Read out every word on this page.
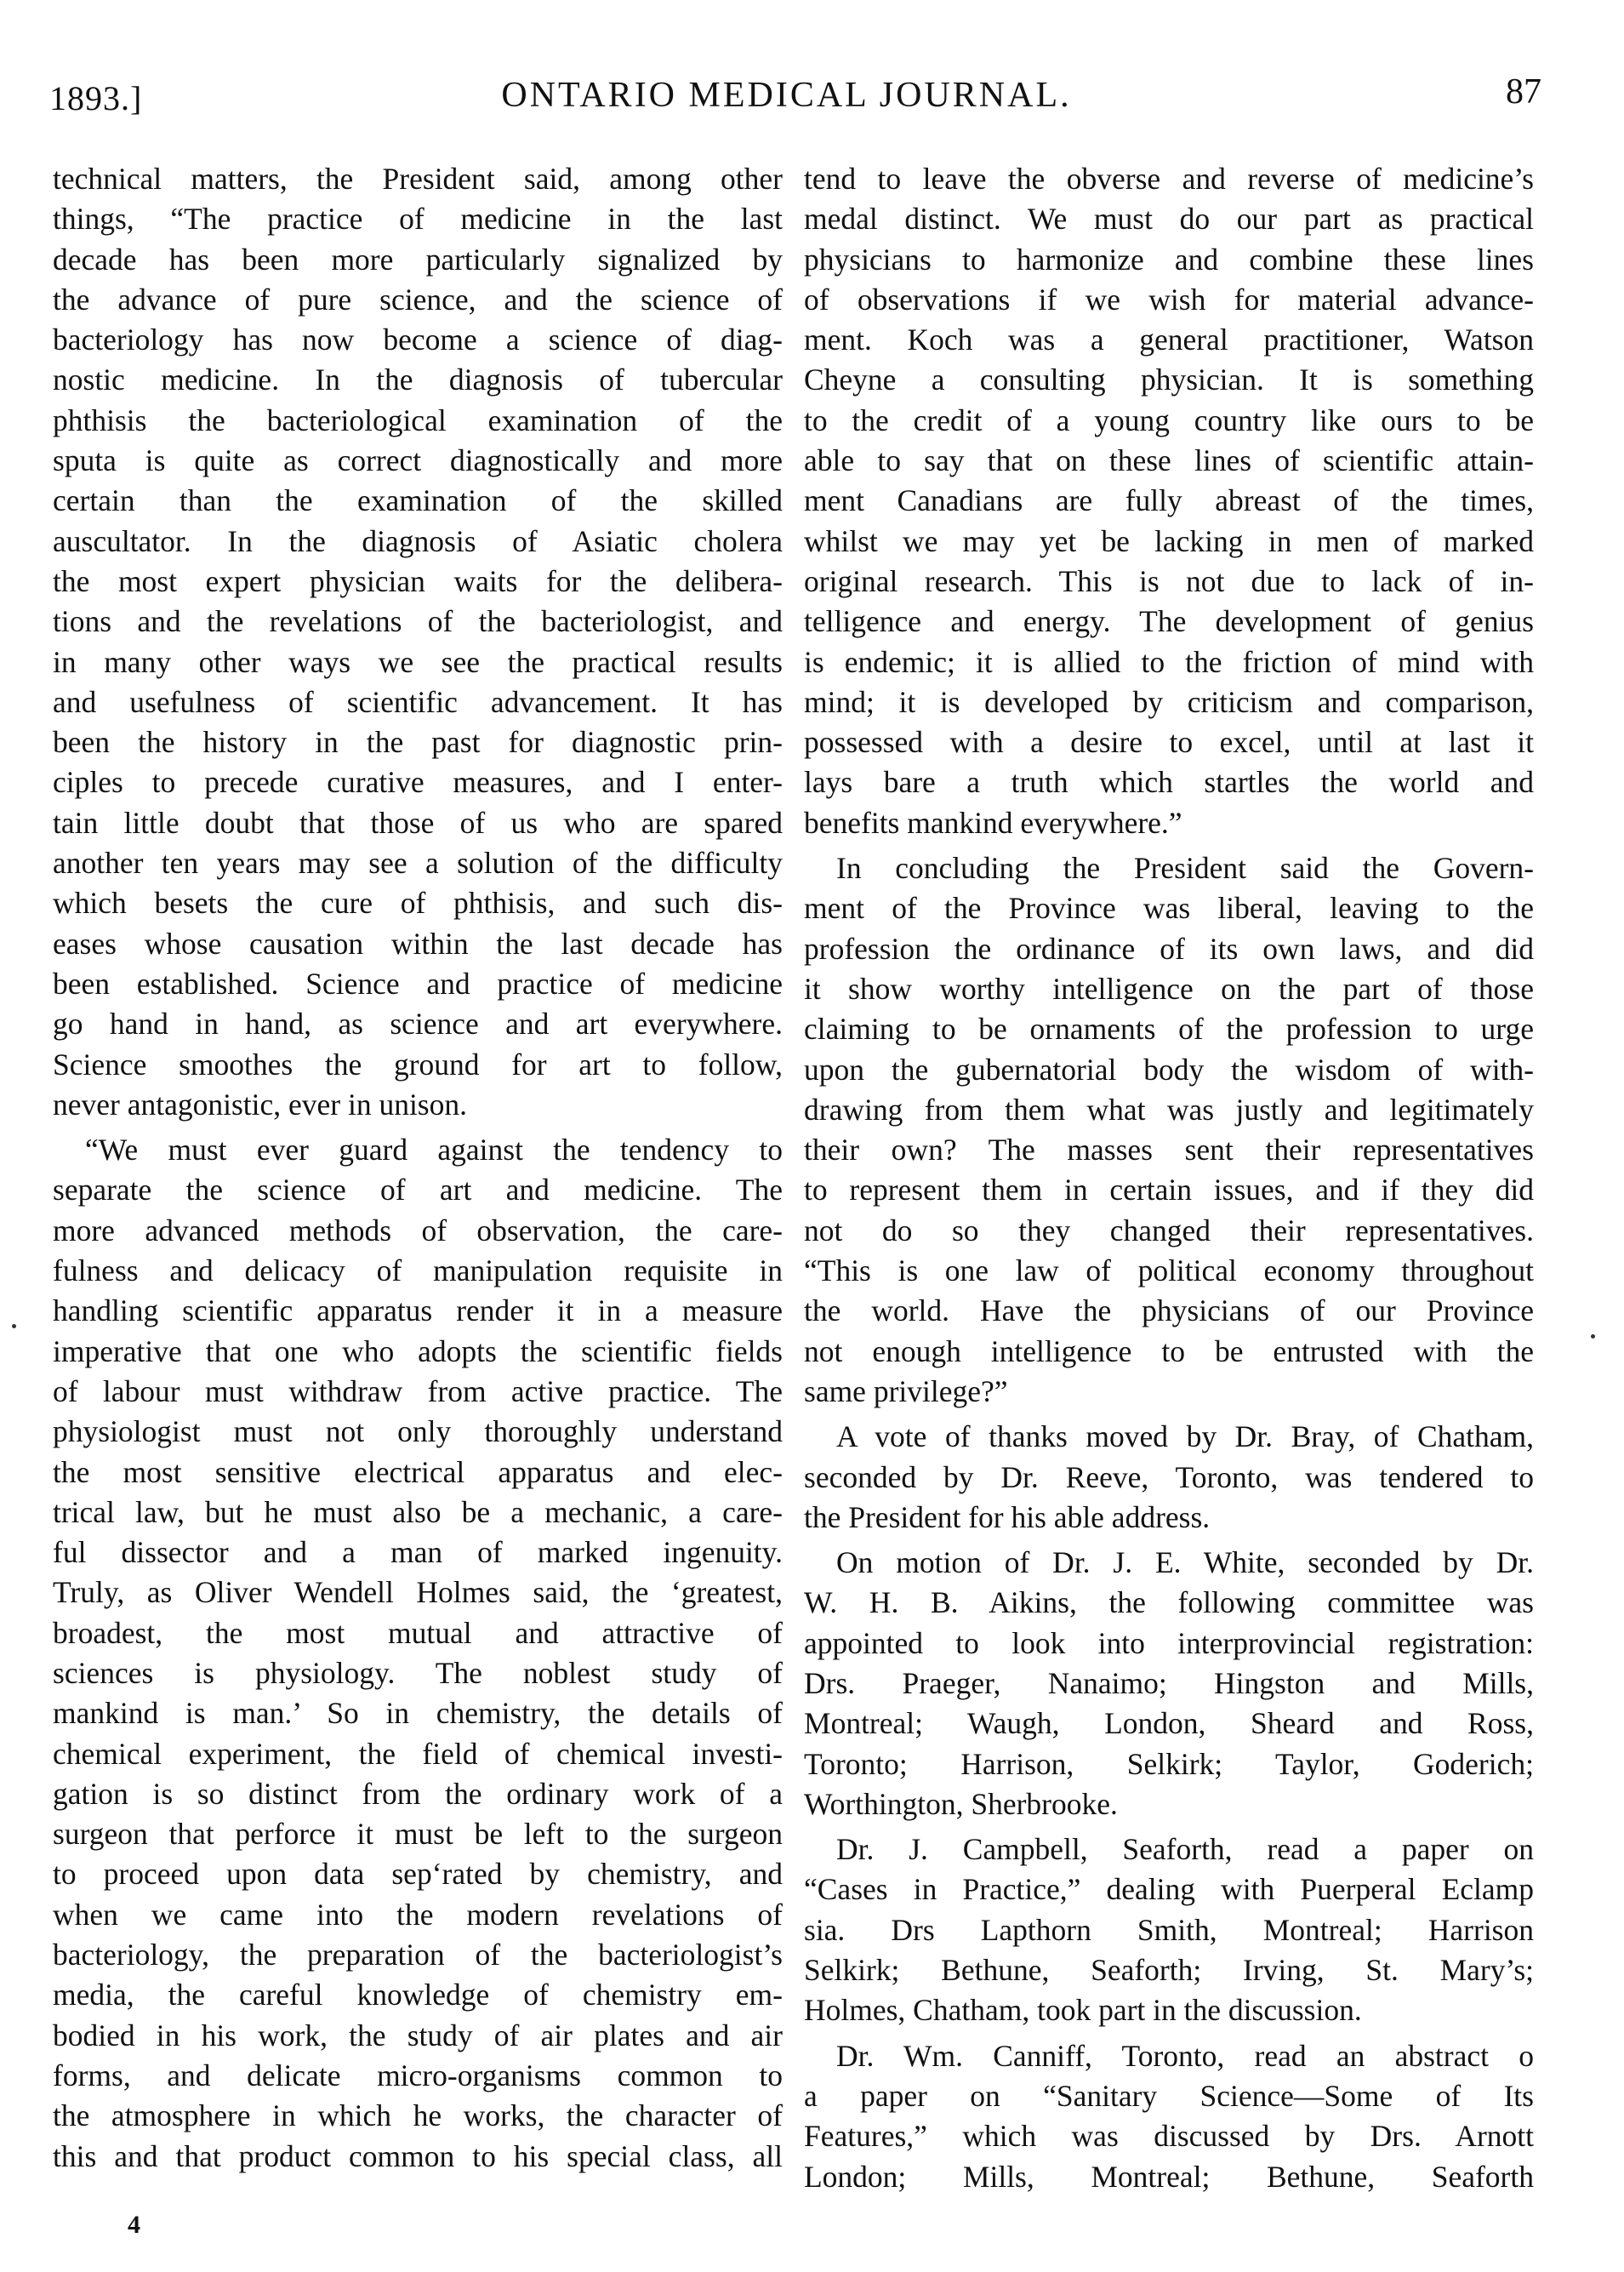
1893.]	ONTARIO MEDICAL JOURNAL.	87
technical matters, the President said, among other
things, “The practice of medicine in the last
decade has been more particularly signalized by
the advance of pure science, and the science of
bacteriology has now become a science of diag-
nostic medicine. In the diagnosis of tubercular
phthisis the bacteriological examination of the
sputa is quite as correct diagnostically and more
certain than the examination of the skilled
auscultator. In the diagnosis of Asiatic cholera
the most expert physician waits for the delibera-
tions and the revelations of the bacteriologist, and
in many other ways we see the practical results
and usefulness of scientific advancement. It has
been the history in the past for diagnostic prin-
ciples to precede curative measures, and I enter-
tain little doubt that those of us who are spared
another ten years may see a solution of the difficulty
which besets the cure of phthisis, and such dis-
eases whose causation within the last decade has
been established. Science and practice of medicine
go hand in hand, as science and art everywhere.
Science smoothes the ground for art to follow,
never antagonistic, ever in unison.
“We must ever guard against the tendency to
separate the science of art and medicine. The
more advanced methods of observation, the care-
fulness and delicacy of manipulation requisite in
handling scientific apparatus render it in a measure
imperative that one who adopts the scientific fields
of labour must withdraw from active practice. The
physiologist must not only thoroughly understand
the most sensitive electrical apparatus and elec-
trical law, but he must also be a mechanic, a care-
ful dissector and a man of marked ingenuity.
Truly, as Oliver Wendell Holmes said, the ‘greatest,
broadest, the most mutual and attractive of
sciences is physiology. The noblest study of
mankind is man.’ So in chemistry, the details of
chemical experiment, the field of chemical investi-
gation is so distinct from the ordinary work of a
surgeon that perforce it must be left to the surgeon
to proceed upon data sep‘rated by chemistry, and
when we came into the modern revelations of
bacteriology, the preparation of the bacteriologist’s
media, the careful knowledge of chemistry em-
bodied in his work, the study of air plates and air
forms, and delicate micro-organisms common to
the atmosphere in which he works, the character of
this and that product common to his special class, all
tend to leave the obverse and reverse of medicine’s
medal distinct. We must do our part as practical
physicians to harmonize and combine these lines
of observations if we wish for material advance-
ment. Koch was a general practitioner, Watson
Cheyne a consulting physician. It is something
to the credit of a young country like ours to be
able to say that on these lines of scientific attain-
ment Canadians are fully abreast of the times,
whilst we may yet be lacking in men of marked
original research. This is not due to lack of in-
telligence and energy. The development of genius
is endemic; it is allied to the friction of mind with
mind; it is developed by criticism and comparison,
possessed with a desire to excel, until at last it
lays bare a truth which startles the world and
benefits mankind everywhere.”
In concluding the President said the Govern-
ment of the Province was liberal, leaving to the
profession the ordinance of its own laws, and did
it show worthy intelligence on the part of those
claiming to be ornaments of the profession to urge
upon the gubernatorial body the wisdom of with-
drawing from them what was justly and legitimately
their own? The masses sent their representatives
to represent them in certain issues, and if they did
not do so they changed their representatives.
“This is one law of political economy throughout
the world. Have the physicians of our Province
not enough intelligence to be entrusted with the
same privilege?”
A vote of thanks moved by Dr. Bray, of Chatham,
seconded by Dr. Reeve, Toronto, was tendered to
the President for his able address.
On motion of Dr. J. E. White, seconded by Dr.
W. H. B. Aikins, the following committee was
appointed to look into interprovincial registration:
Drs. Praeger, Nanaimo; Hingston and Mills,
Montreal; Waugh, London, Sheard and Ross,
Toronto; Harrison, Selkirk; Taylor, Goderich;
Worthington, Sherbrooke.
Dr. J. Campbell, Seaforth, read a paper on
“Cases in Practice,” dealing with Puerperal Eclamp
sia. Drs Lapthorn Smith, Montreal; Harrison
Selkirk; Bethune, Seaforth; Irving, St. Mary’s;
Holmes, Chatham, took part in the discussion.
Dr. Wm. Canniff, Toronto, read an abstract o
a paper on “Sanitary Science—Some of Its
Features,” which was discussed by Drs. Arnott
London; Mills, Montreal; Bethune, Seaforth
4
